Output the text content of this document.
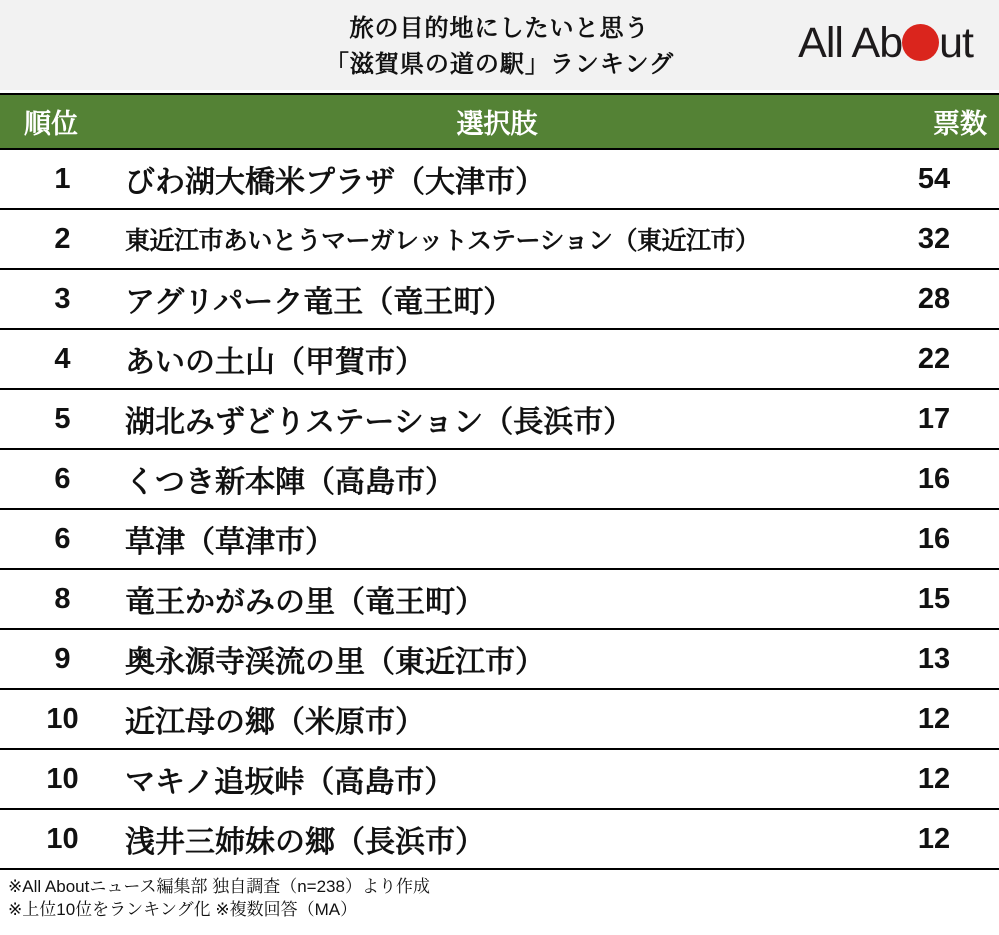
旅の目的地にしたいと思う
「滋賀県の道の駅」ランキング	All Ab ut
順位	選択肢	票数
1	びわ湖大橋米プラザ（大津市）	54
2	東近江市あいとうマーガレットステーション（東近江市）	32
3	アグリパーク竜王（竜王町）	28
4	あいの土山（甲賀市）	22
5	湖北みずどりステーション（長浜市）	17
6	くつき新本陣（高島市）	16
6	草津（草津市）	16
8	竜王かがみの里（竜王町）	15
9	奥永源寺渓流の里（東近江市）	13
10	近江母の郷（米原市）	12
10	マキノ追坂峠（高島市）	12
10	浅井三姉妹の郷（長浜市）	12
※All Aboutニュース編集部 独自調査（n=238）より作成
※上位10位をランキング化 ※複数回答（MA）
